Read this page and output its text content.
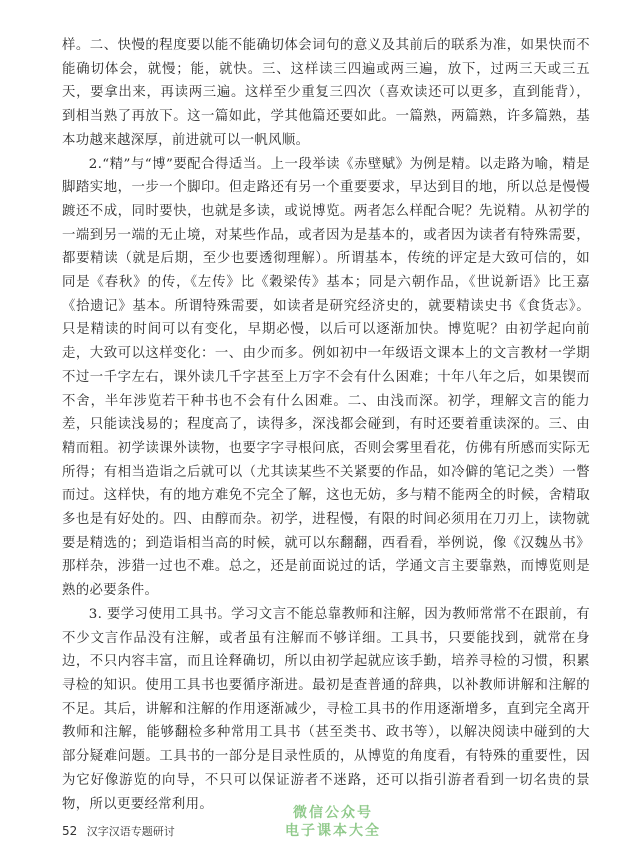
样。二、快慢的程度要以能不能确切体会词句的意义及其前后的联系为准，如果快而不能确切体会，就慢；能，就快。三、这样读三四遍或两三遍，放下，过两三天或三五天，要拿出来，再读两三遍。这样至少重复三四次（喜欢读还可以更多，直到能背），到相当熟了再放下。这一篇如此，学其他篇还要如此。一篇熟，两篇熟，许多篇熟，基本功越来越深厚，前进就可以一帆风顺。

2.“精”与“博”要配合得适当。上一段举读《赤壁赋》为例是精。以走路为喻，精是脚踏实地，一步一个脚印。但走路还有另一个重要要求，早达到目的地，所以总是慢慢踱还不成，同时要快，也就是多读，或说博览。两者怎么样配合呢？先说精。从初学的一端到另一端的无止境，对某些作品，或者因为是基本的，或者因为读者有特殊需要，都要精读（就是后期，至少也要透彻理解）。所谓基本，传统的评定是大致可信的，如同是《春秋》的传，《左传》比《穀梁传》基本；同是六朝作品，《世说新语》比王嘉《拾遗记》基本。所谓特殊需要，如读者是研究经济史的，就要精读史书《食货志》。只是精读的时间可以有变化，早期必慢，以后可以逐渐加快。博览呢？由初学起向前走，大致可以这样变化：一、由少而多。例如初中一年级语文课本上的文言教材一学期不过一千字左右，课外读几千字甚至上万字不会有什么困难；十年八年之后，如果锲而不舍，半年涉览若干种书也不会有什么困难。二、由浅而深。初学，理解文言的能力差，只能读浅易的；程度高了，读得多，深浅都会碰到，有时还要着重读深的。三、由精而粗。初学读课外读物，也要字字寻根问底，否则会雾里看花，仿佛有所感而实际无所得；有相当造诣之后就可以（尤其读某些不关紧要的作品，如冷僻的笔记之类）一瞥而过。这样快，有的地方难免不完全了解，这也无妨，多与精不能两全的时候，舍精取多也是有好处的。四、由醇而杂。初学，进程慢，有限的时间必须用在刀刃上，读物就要是精选的；到造诣相当高的时候，就可以东翻翻，西看看，举例说，像《汉魏丛书》那样杂，涉猎一过也不难。总之，还是前面说过的话，学通文言主要靠熟，而博览则是熟的必要条件。

3. 要学习使用工具书。学习文言不能总靠教师和注解，因为教师常常不在跟前，有不少文言作品没有注解，或者虽有注解而不够详细。工具书，只要能找到，就常在身边，不只内容丰富，而且诠释确切，所以由初学起就应该手勤，培养寻检的习惯，积累寻检的知识。使用工具书也要循序渐进。最初是查普通的辞典，以补教师讲解和注解的不足。其后，讲解和注解的作用逐渐减少，寻检工具书的作用逐渐增多，直到完全离开教师和注解，能够翻检多种常用工具书（甚至类书、政书等），以解决阅读中碰到的大部分疑难问题。工具书的一部分是目录性质的，从博览的角度看，有特殊的重要性，因为它好像游览的向导，不只可以保证游者不迷路，还可以指引游者看到一切名贵的景物，所以更要经常利用。

52 汉字汉语专题研讨
微信公众号
电子课本大全
